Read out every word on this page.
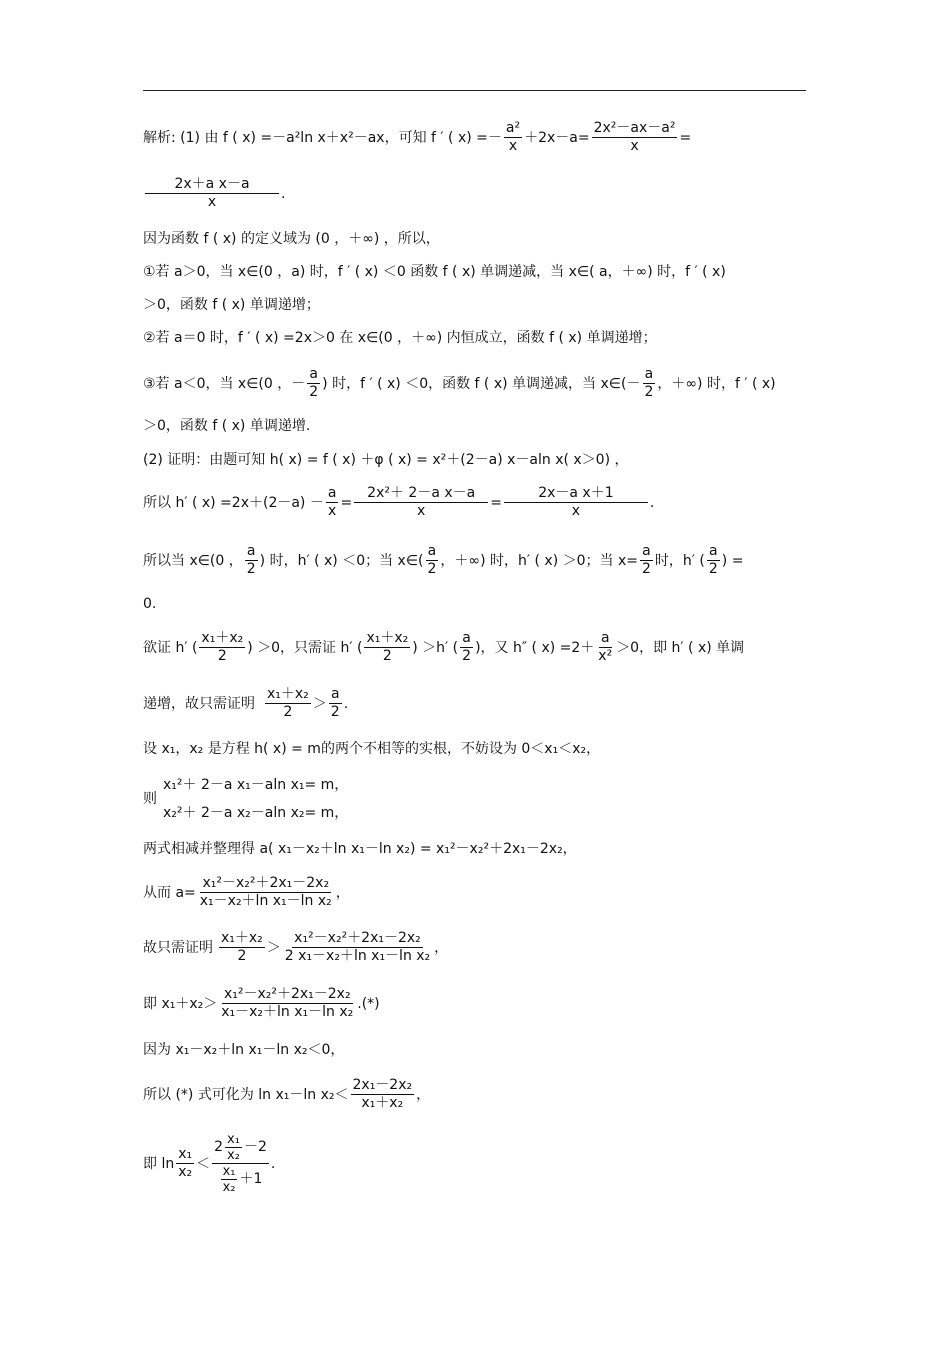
解析: (1) 由 f ( x) =－a²ln x＋x²－ax，可知 f ′ ( $x) =- \frac{\text{a²}}{x} +2x-a= \frac{\text{2x²－ax－a²}}{x}$ =
$\frac{\text{2x＋a x－a}}{x}$ .
因为函数 f ( x) 的定义域为 (0 ，＋∞) ，所以，
①若 a＞0，当 x∈(0 ，a) 时，f ′ ( x) ＜0 函数 f ( x) 单调递减，当 x∈( a，＋∞) 时，f ′ ( x)
＞0，函数 f ( x) 单调递增；
②若 a＝0 时，f ′ ( x) =2x＞0 在 x∈(0 ，＋∞) 内恒成立，函数 f ( x) 单调递增；
③若 a＜0，当 x∈(0 ，－ $\frac{a}{2}$ ) 时，f ′ ( x) ＜0，函数 f ( x) 单调递减，当 x∈(－ $\frac{a}{2}$ ，＋∞) 时，f ′ ( x)
＞0，函数 f ( x) 单调递增.
(2) 证明：由题可知 h( x) = f ( x) ＋φ ( x) = x²＋(2－a) x－aln x( x＞0) ，
所以 h′ ( $x) =2x+(2-a) - \frac{a}{x} = \frac{\text{2x²＋ 2－a x－a}}{x} = \frac{\text{2x－a x＋1}}{x}$ .
所以当 x∈(0 ， $\frac{a}{2}$ ) 时，h′ ( x) ＜0；当 x∈( $\frac{a}{2}$ ，＋∞) 时，h′ ( x) ＞0；当 $x= \frac{a}{2}$ 时，h′ ( $\frac{a}{2}$ ) =
0.
欲证 h′ ( $\frac{\text{x₁＋x₂}}{2}$ ) ＞0，只需证 h′ ( $\frac{\text{x₁＋x₂}}{2}$ ) ＞h′ ( $\frac{a}{2}$ )，又 h″ ( $x) =2+ \frac{a}{\text{x²}} >0$，即 h′ ( x) 单调
递增，故只需证明 $\frac{\text{x₁＋x₂}}{2} > \frac{a}{2}$ .
设 x₁，x₂ 是方程 h( x) = m的两个不相等的实根，不妨设为 0＜x₁＜x₂，
则
x₁²＋ 2－a x₁－aln x₁= m，
x₂²＋ 2－a x₂－aln x₂= m，
两式相减并整理得 a( x₁－x₂＋ln x₁－ln x₂) = x₁²－x₂²＋2x₁－2x₂，
从而 $a= \frac{\text{x₁²－x₂²＋2x₁－2x₂}}{\text{x₁－x₂＋ln x₁－ln x₂}}$ ，
故只需证明 $\frac{\text{x₁＋x₂}}{2} > \frac{\text{x₁²－x₂²＋2x₁－2x₂}}{\text{2 x₁－x₂＋ln x₁－ln x₂}}$ ，
即 $x_1+x_2> \frac{\text{x₁²－x₂²＋2x₁－2x₂}}{\text{x₁－x₂＋ln x₁－ln x₂}}$ .(*)
因为 x₁－x₂＋ln x₁－ln x₂＜0，
所以 (*) 式可化为 ln x₁－ln $x_2< \frac{\text{2x₁－2x₂}}{\text{x₁＋x₂}}$ ，
即 $\ln \frac{\text{x₁}}{\text{x₂}} < \frac{2 \frac{\text{x₁}}{\text{x₂}} -2}{\frac{\text{x₁}}{\text{x₂}} +1}$ .
